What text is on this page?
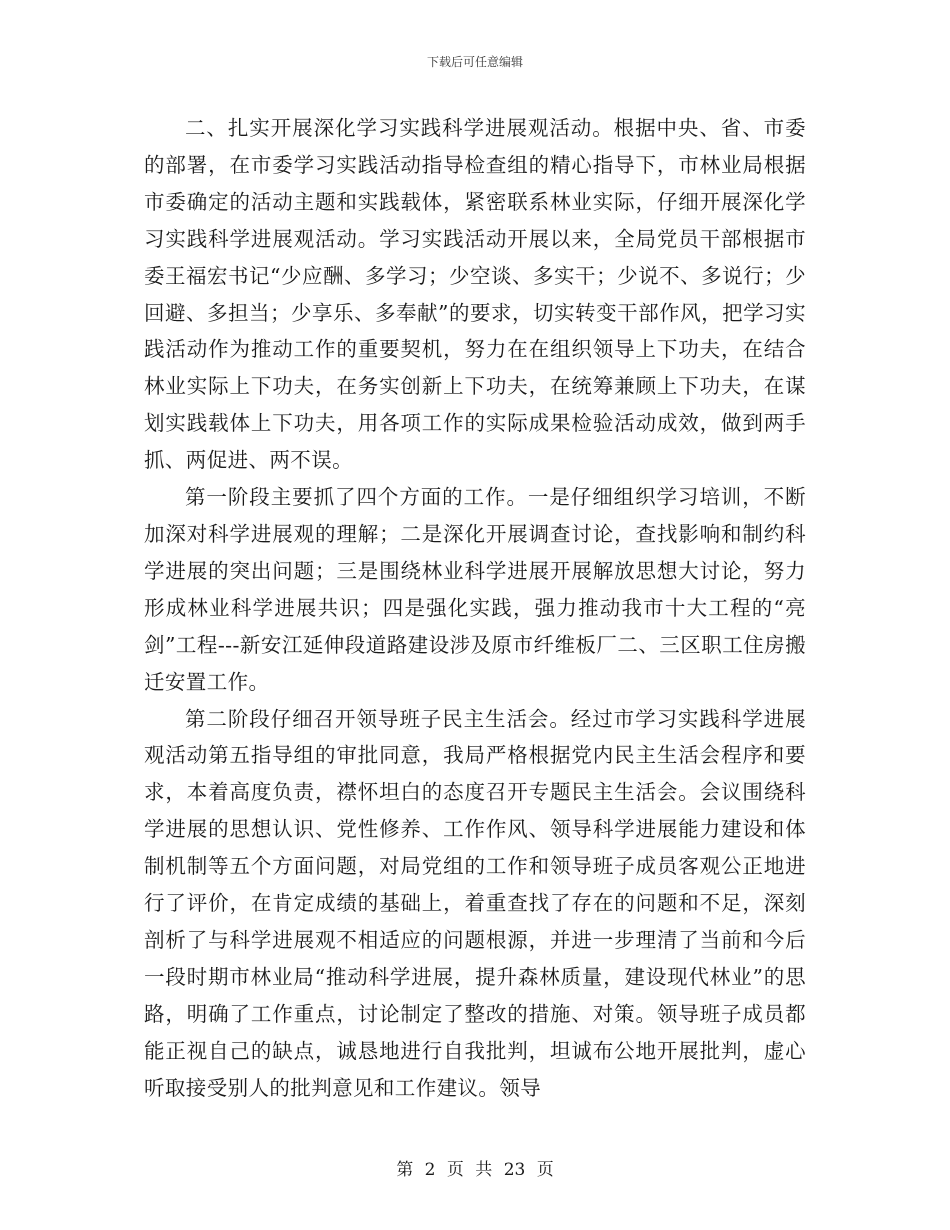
下载后可任意编辑

二、扎实开展深化学习实践科学进展观活动。根据中央、省、市委的部署，在市委学习实践活动指导检查组的精心指导下，市林业局根据市委确定的活动主题和实践载体，紧密联系林业实际，仔细开展深化学习实践科学进展观活动。学习实践活动开展以来，全局党员干部根据市委王福宏书记“少应酬、多学习；少空谈、多实干；少说不、多说行；少回避、多担当；少享乐、多奉献”的要求，切实转变干部作风，把学习实践活动作为推动工作的重要契机，努力在在组织领导上下功夫，在结合林业实际上下功夫，在务实创新上下功夫，在统筹兼顾上下功夫，在谋划实践载体上下功夫，用各项工作的实际成果检验活动成效，做到两手抓、两促进、两不误。

第一阶段主要抓了四个方面的工作。一是仔细组织学习培训，不断加深对科学进展观的理解；二是深化开展调查讨论，查找影响和制约科学进展的突出问题；三是围绕林业科学进展开展解放思想大讨论，努力形成林业科学进展共识；四是强化实践，强力推动我市十大工程的“亮剑”工程---新安江延伸段道路建设涉及原市纤维板厂二、三区职工住房搬迁安置工作。

第二阶段仔细召开领导班子民主生活会。经过市学习实践科学进展观活动第五指导组的审批同意，我局严格根据党内民主生活会程序和要求，本着高度负责，襟怀坦白的态度召开专题民主生活会。会议围绕科学进展的思想认识、党性修养、工作作风、领导科学进展能力建设和体制机制等五个方面问题，对局党组的工作和领导班子成员客观公正地进行了评价，在肯定成绩的基础上，着重查找了存在的问题和不足，深刻剖析了与科学进展观不相适应的问题根源，并进一步理清了当前和今后一段时期市林业局“推动科学进展，提升森林质量，建设现代林业”的思路，明确了工作重点，讨论制定了整改的措施、对策。领导班子成员都能正视自己的缺点，诚恳地进行自我批判，坦诚布公地开展批判，虚心听取接受别人的批判意见和工作建议。领导

第 2 页 共 23 页
